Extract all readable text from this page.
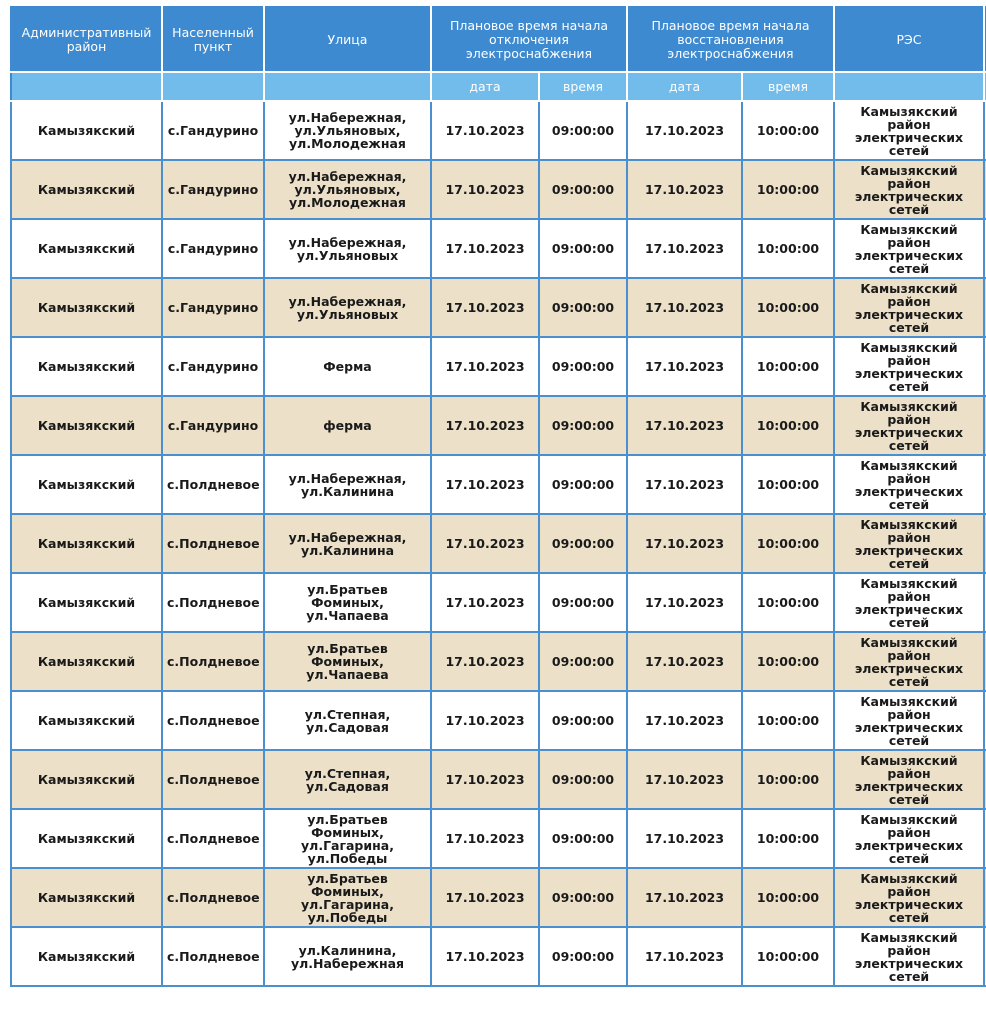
Административный район	Населенный пункт	Улица	Плановое время начала отключения электроснабжения		Плановое время начала восстановления электроснабжения		РЭС	
			дата	время	дата	время		
Камызякский	с.Гандурино	ул.Набережная, ул.Ульяновых, ул.Молодежная	17.10.2023	09:00:00	17.10.2023	10:00:00	Камызякский район электрических сетей	
Камызякский	с.Гандурино	ул.Набережная, ул.Ульяновых, ул.Молодежная	17.10.2023	09:00:00	17.10.2023	10:00:00	Камызякский район электрических сетей	
Камызякский	с.Гандурино	ул.Набережная, ул.Ульяновых	17.10.2023	09:00:00	17.10.2023	10:00:00	Камызякский район электрических сетей	
Камызякский	с.Гандурино	ул.Набережная, ул.Ульяновых	17.10.2023	09:00:00	17.10.2023	10:00:00	Камызякский район электрических сетей	
Камызякский	с.Гандурино	Ферма	17.10.2023	09:00:00	17.10.2023	10:00:00	Камызякский район электрических сетей	
Камызякский	с.Гандурино	ферма	17.10.2023	09:00:00	17.10.2023	10:00:00	Камызякский район электрических сетей	
Камызякский	с.Полдневое	ул.Набережная, ул.Калинина	17.10.2023	09:00:00	17.10.2023	10:00:00	Камызякский район электрических сетей	
Камызякский	с.Полдневое	ул.Набережная, ул.Калинина	17.10.2023	09:00:00	17.10.2023	10:00:00	Камызякский район электрических сетей	
Камызякский	с.Полдневое	ул.Братьев Фоминых, ул.Чапаева	17.10.2023	09:00:00	17.10.2023	10:00:00	Камызякский район электрических сетей	
Камызякский	с.Полдневое	ул.Братьев Фоминых, ул.Чапаева	17.10.2023	09:00:00	17.10.2023	10:00:00	Камызякский район электрических сетей	
Камызякский	с.Полдневое	ул.Степная, ул.Садовая	17.10.2023	09:00:00	17.10.2023	10:00:00	Камызякский район электрических сетей	
Камызякский	с.Полдневое	ул.Степная, ул.Садовая	17.10.2023	09:00:00	17.10.2023	10:00:00	Камызякский район электрических сетей	
Камызякский	с.Полдневое	ул.Братьев Фоминых, ул.Гагарина, ул.Победы	17.10.2023	09:00:00	17.10.2023	10:00:00	Камызякский район электрических сетей	
Камызякский	с.Полдневое	ул.Братьев Фоминых, ул.Гагарина, ул.Победы	17.10.2023	09:00:00	17.10.2023	10:00:00	Камызякский район электрических сетей	
Камызякский	с.Полдневое	ул.Калинина, ул.Набережная	17.10.2023	09:00:00	17.10.2023	10:00:00	Камызякский район электрических сетей	
